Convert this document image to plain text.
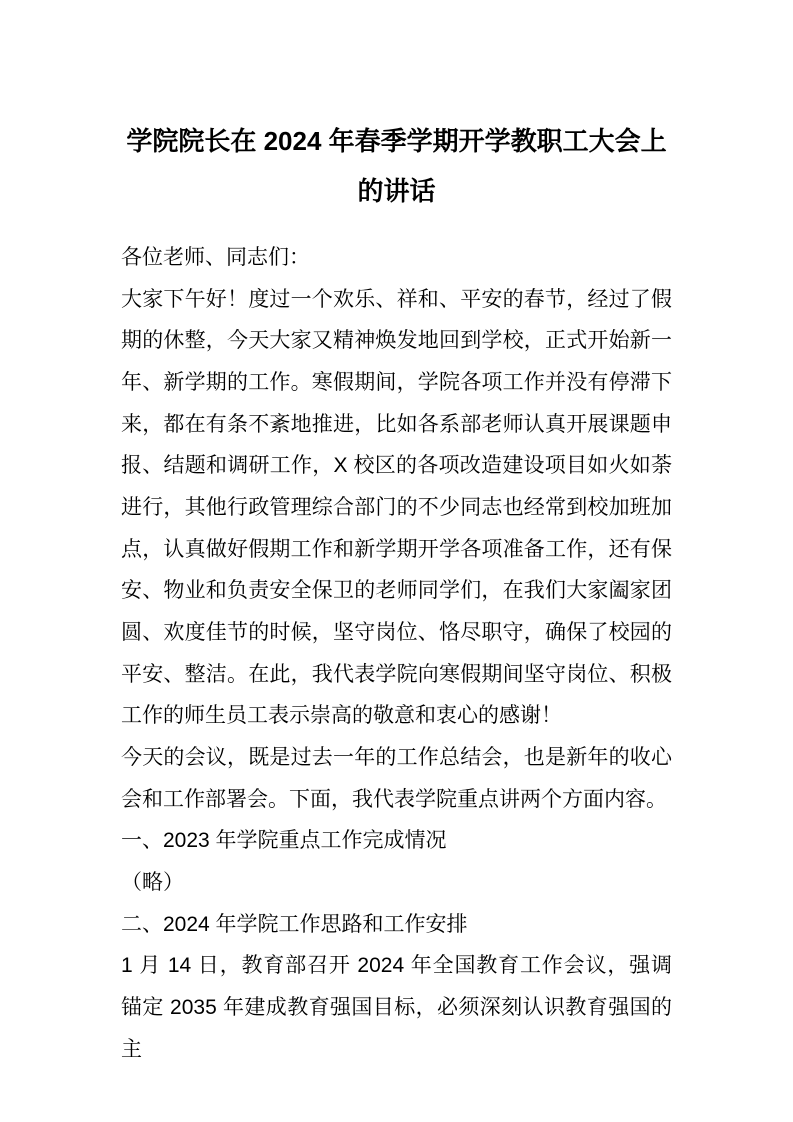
学院院长在 2024 年春季学期开学教职工大会上的讲话

各位老师、同志们：

大家下午好！度过一个欢乐、祥和、平安的春节，经过了假期的休整，今天大家又精神焕发地回到学校，正式开始新一年、新学期的工作。寒假期间，学院各项工作并没有停滞下来，都在有条不紊地推进，比如各系部老师认真开展课题申报、结题和调研工作，X 校区的各项改造建设项目如火如荼进行，其他行政管理综合部门的不少同志也经常到校加班加点，认真做好假期工作和新学期开学各项准备工作，还有保安、物业和负责安全保卫的老师同学们，在我们大家阖家团圆、欢度佳节的时候，坚守岗位、恪尽职守，确保了校园的平安、整洁。在此，我代表学院向寒假期间坚守岗位、积极工作的师生员工表示崇高的敬意和衷心的感谢！

今天的会议，既是过去一年的工作总结会，也是新年的收心会和工作部署会。下面，我代表学院重点讲两个方面内容。

一、2023 年学院重点工作完成情况

（略）

二、2024 年学院工作思路和工作安排

1 月 14 日，教育部召开 2024 年全国教育工作会议，强调锚定 2035 年建成教育强国目标，必须深刻认识教育强国的主
